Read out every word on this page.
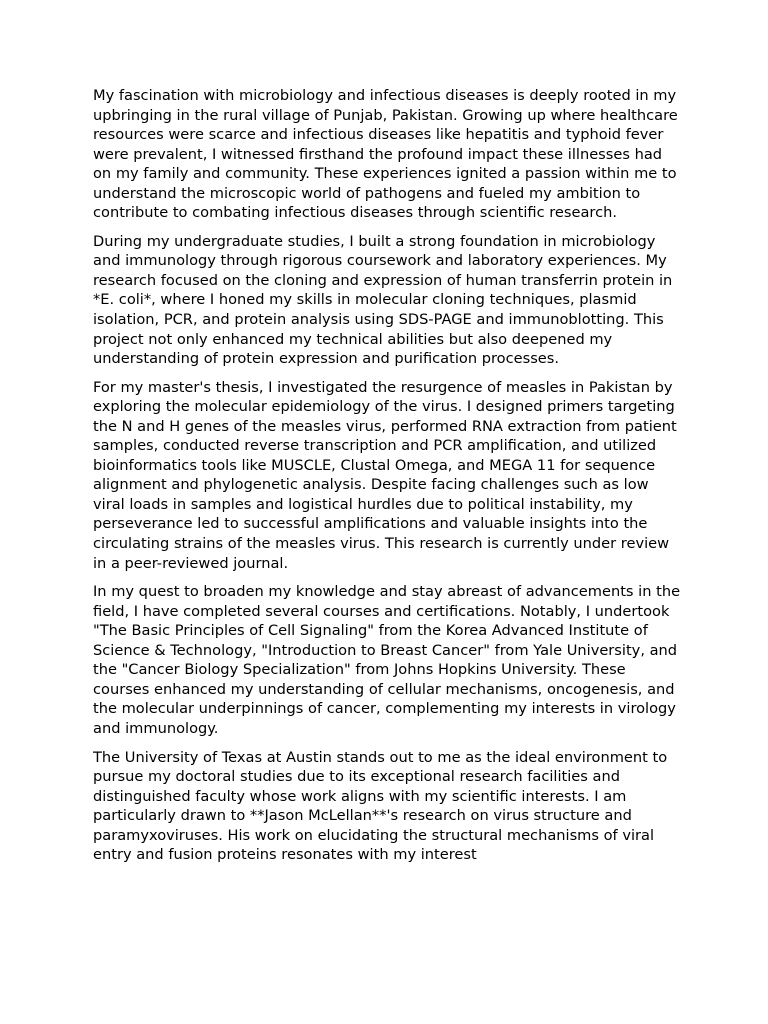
My fascination with microbiology and infectious diseases is deeply rooted in my upbringing in the rural village of Punjab, Pakistan. Growing up where healthcare resources were scarce and infectious diseases like hepatitis and typhoid fever were prevalent, I witnessed firsthand the profound impact these illnesses had on my family and community. These experiences ignited a passion within me to understand the microscopic world of pathogens and fueled my ambition to contribute to combating infectious diseases through scientific research.

During my undergraduate studies, I built a strong foundation in microbiology and immunology through rigorous coursework and laboratory experiences. My research focused on the cloning and expression of human transferrin protein in *E. coli*, where I honed my skills in molecular cloning techniques, plasmid isolation, PCR, and protein analysis using SDS-PAGE and immunoblotting. This project not only enhanced my technical abilities but also deepened my understanding of protein expression and purification processes.

For my master's thesis, I investigated the resurgence of measles in Pakistan by exploring the molecular epidemiology of the virus. I designed primers targeting the N and H genes of the measles virus, performed RNA extraction from patient samples, conducted reverse transcription and PCR amplification, and utilized bioinformatics tools like MUSCLE, Clustal Omega, and MEGA 11 for sequence alignment and phylogenetic analysis. Despite facing challenges such as low viral loads in samples and logistical hurdles due to political instability, my perseverance led to successful amplifications and valuable insights into the circulating strains of the measles virus. This research is currently under review in a peer-reviewed journal.

In my quest to broaden my knowledge and stay abreast of advancements in the field, I have completed several courses and certifications. Notably, I undertook "The Basic Principles of Cell Signaling" from the Korea Advanced Institute of Science & Technology, "Introduction to Breast Cancer" from Yale University, and the "Cancer Biology Specialization" from Johns Hopkins University. These courses enhanced my understanding of cellular mechanisms, oncogenesis, and the molecular underpinnings of cancer, complementing my interests in virology and immunology.

The University of Texas at Austin stands out to me as the ideal environment to pursue my doctoral studies due to its exceptional research facilities and distinguished faculty whose work aligns with my scientific interests. I am particularly drawn to **Jason McLellan**'s research on virus structure and paramyxoviruses. His work on elucidating the structural mechanisms of viral entry and fusion proteins resonates with my interest
